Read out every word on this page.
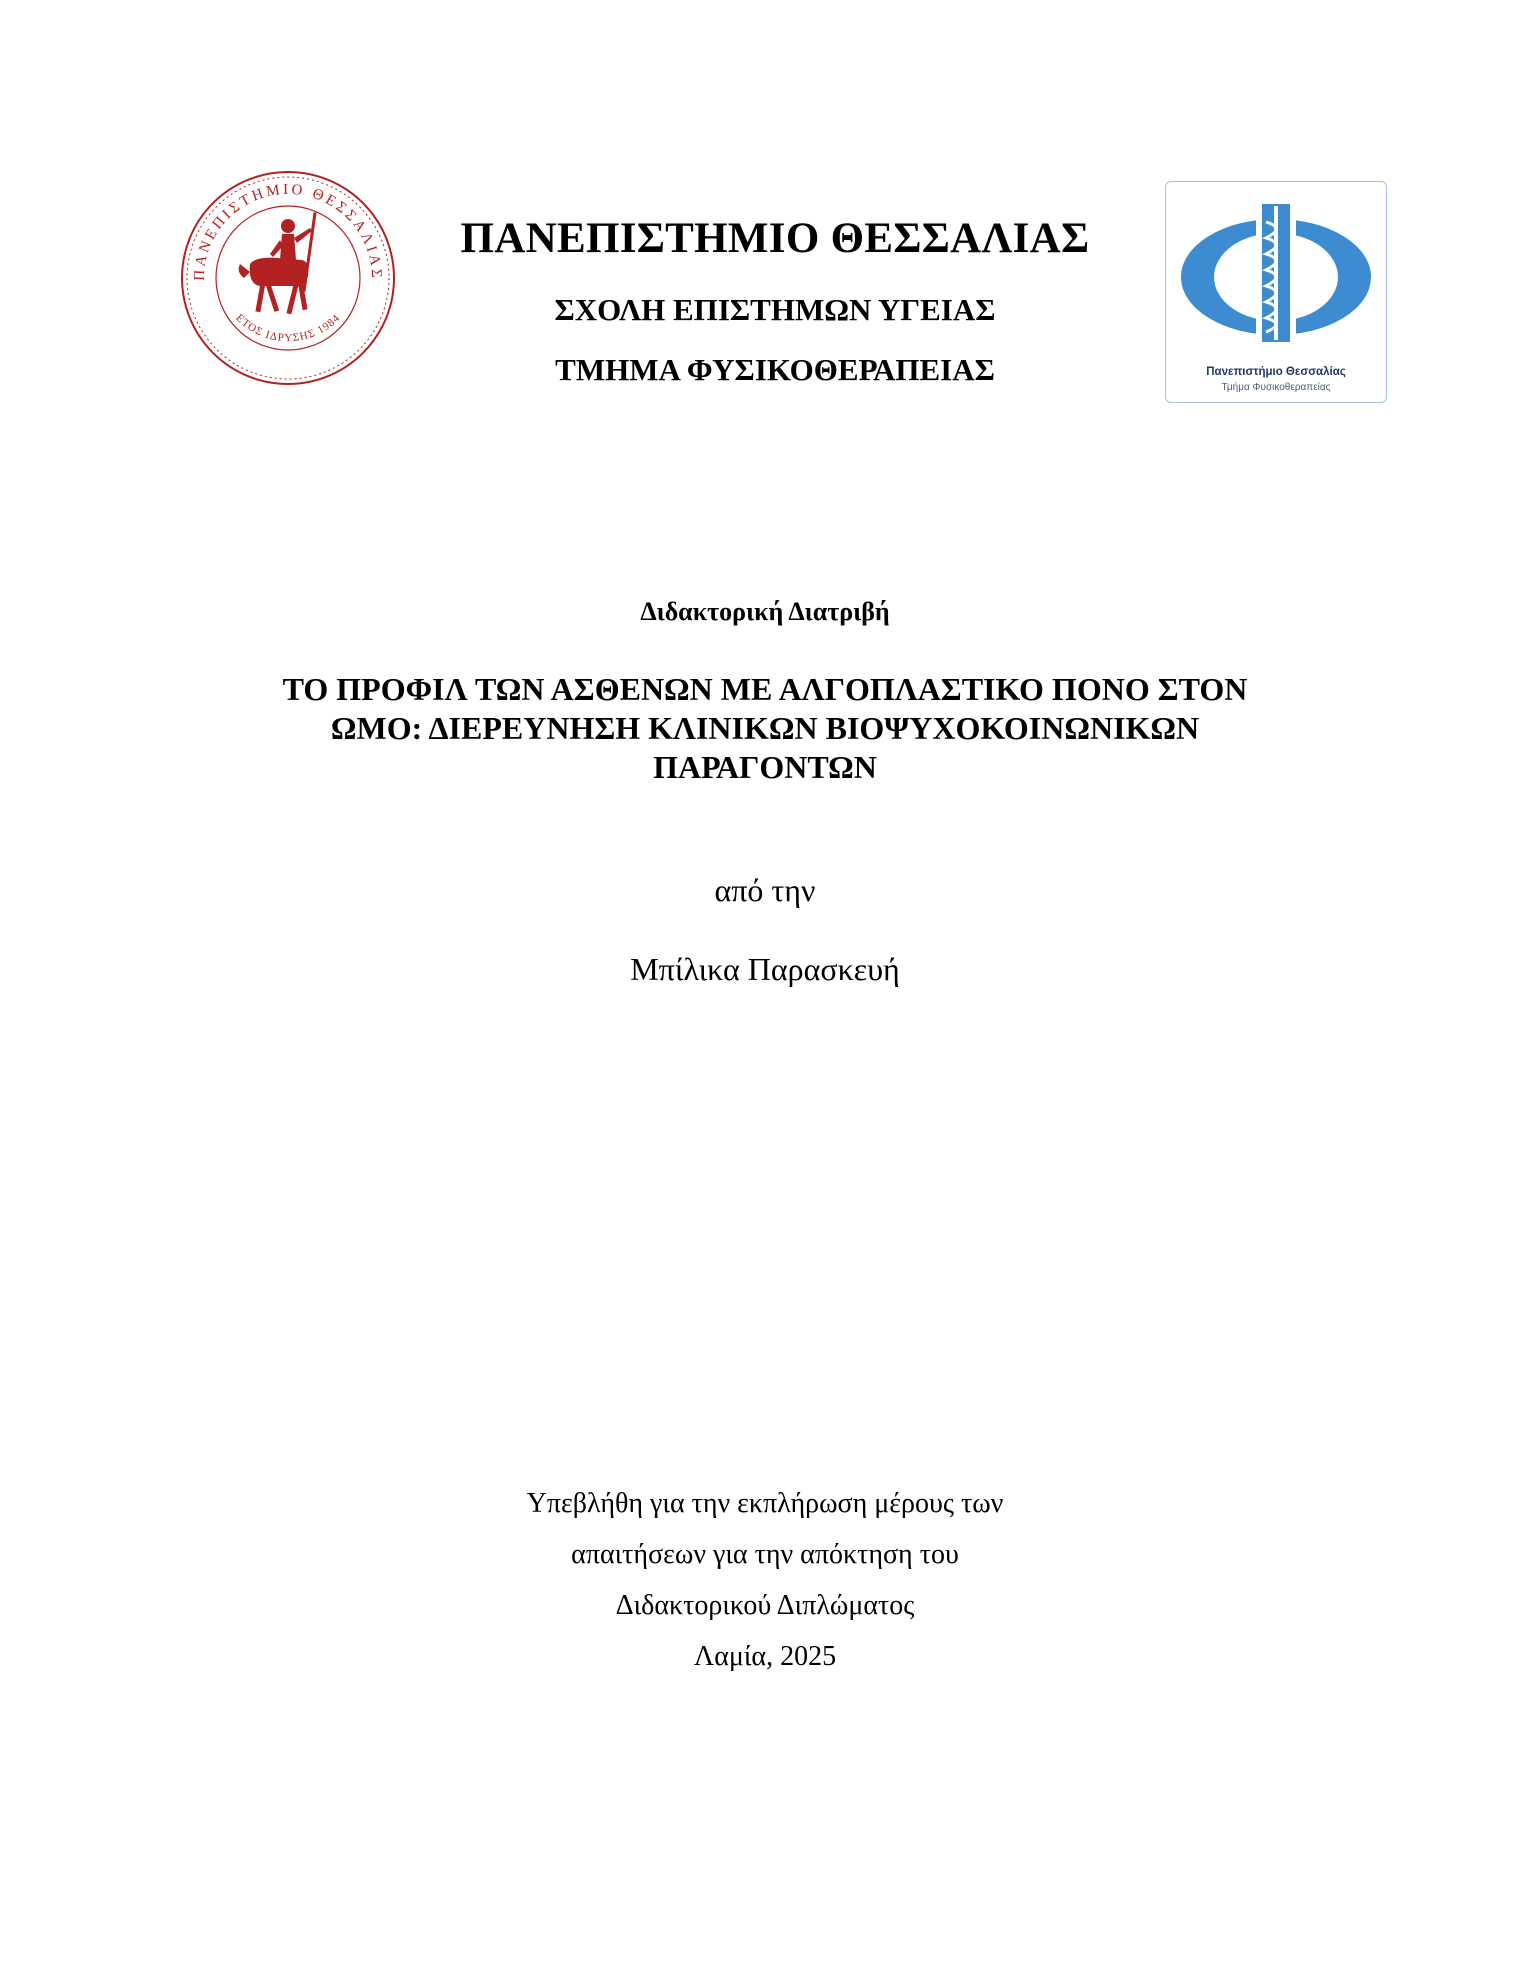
ΠΑΝΕΠΙΣΤΗΜΙΟ ΘΕΣΣΑΛΙΑΣ
ΕΤΟΣ ΙΔΡΥΣΗΣ 1984
ΠΑΝΕΠΙΣΤΗΜΙΟ ΘΕΣΣΑΛΙΑΣ
ΣΧΟΛΗ ΕΠΙΣΤΗΜΩΝ ΥΓΕΙΑΣ
ΤΜΗΜΑ ΦΥΣΙΚΟΘΕΡΑΠΕΙΑΣ	Πανεπιστήμιο Θεσσαλίας
Τμήμα Φυσικοθεραπείας
Διδακτορική Διατριβή
ΤΟ ΠΡΟΦΙΛ ΤΩΝ ΑΣΘΕΝΩΝ ΜΕ ΑΛΓΟΠΛΑΣΤΙΚΟ ΠΟΝΟ ΣΤΟΝ
ΩΜΟ: ΔΙΕΡΕΥΝΗΣΗ ΚΛΙΝΙΚΩΝ ΒΙΟΨΥΧΟΚΟΙΝΩΝΙΚΩΝ
ΠΑΡΑΓΟΝΤΩΝ
από την
Μπίλικα Παρασκευή
Υπεβλήθη για την εκπλήρωση μέρους των
απαιτήσεων για την απόκτηση του
Διδακτορικού Διπλώματος
Λαμία, 2025
